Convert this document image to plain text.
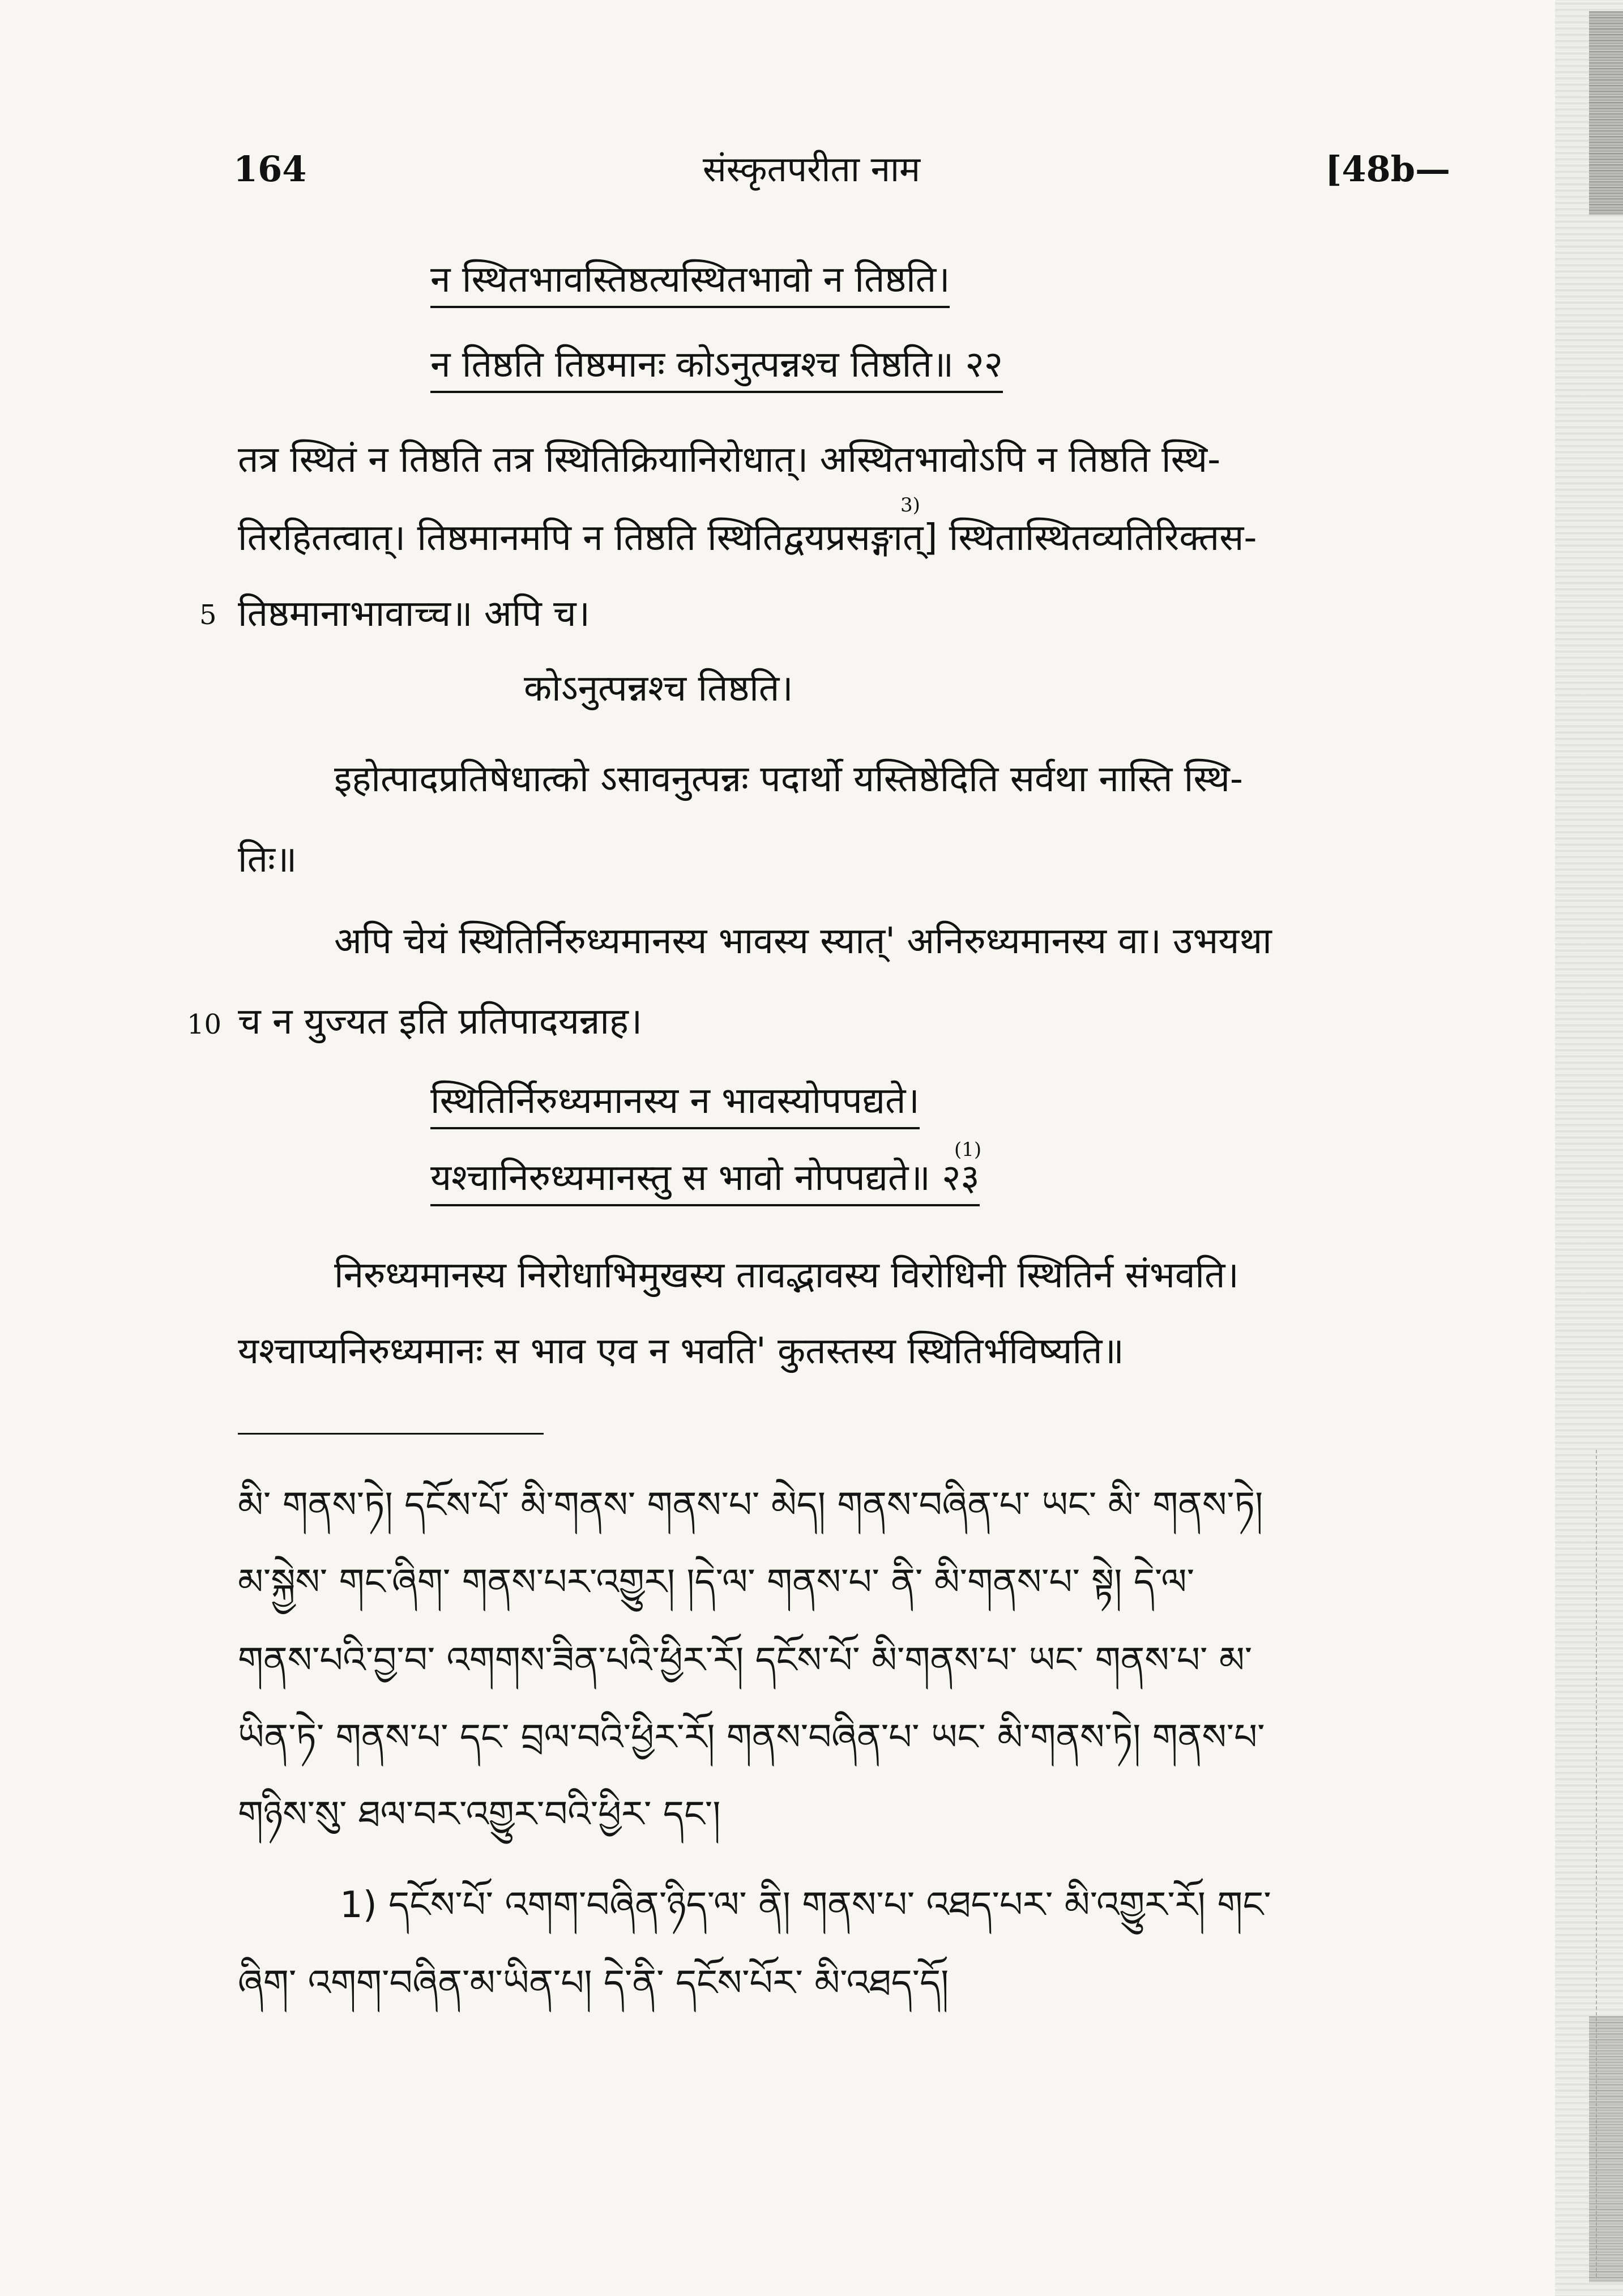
संस्कृतपरीता नाम
164	[48b—
न स्थितभावस्तिष्ठत्यस्थितभावो न तिष्ठति।
न तिष्ठति तिष्ठमानः कोऽनुत्पन्नश्च तिष्ठति॥ २२
तत्र स्थितं न तिष्ठति तत्र स्थितिक्रियानिरोधात्। अस्थितभावोऽपि न तिष्ठति स्थि-
3)
तिरहितत्वात्। तिष्ठमानमपि न तिष्ठति स्थितिद्वयप्रसङ्गात्] स्थितास्थितव्यतिरिक्तस-
5 तिष्ठमानाभावाच्च॥ अपि च।
कोऽनुत्पन्नश्च तिष्ठति।
इहोत्पादप्रतिषेधात्को ऽसावनुत्पन्नः पदार्थो यस्तिष्ठेदिति सर्वथा नास्ति स्थि-
तिः॥
अपि चेयं स्थितिर्निरुध्यमानस्य भावस्य स्यात्' अनिरुध्यमानस्य वा। उभयथा
10 च न युज्यत इति प्रतिपादयन्नाह।
स्थितिर्निरुध्यमानस्य न भावस्योपपद्यते।
(1)
यश्चानिरुध्यमानस्तु स भावो नोपपद्यते॥ २३
निरुध्यमानस्य निरोधाभिमुखस्य तावद्भावस्य विरोधिनी स्थितिर्न संभवति।
यश्चाप्यनिरुध्यमानः स भाव एव न भवति' कुतस्तस्य स्थितिर्भविष्यति॥
མི་ གནས་ཏེ། དངོས་པོ་ མི་གནས་ གནས་པ་ མེད། གནས་བཞིན་པ་ ཡང་ མི་ གནས་ཏེ།
མ་སྐྱེས་ གང་ཞིག་ གནས་པར་འགྱུར། །དེ་ལ་ གནས་པ་ ནི་ མི་གནས་པ་ སྟེ། དེ་ལ་
གནས་པའི་བྱ་བ་ འགགས་ཟིན་པའི་ཕྱིར་རོ། དངོས་པོ་ མི་གནས་པ་ ཡང་ གནས་པ་ མ་
ཡིན་ཏེ་ གནས་པ་ དང་ བྲལ་བའི་ཕྱིར་རོ། གནས་བཞིན་པ་ ཡང་ མི་གནས་ཏེ། གནས་པ་
གཉིས་སུ་ ཐལ་བར་འགྱུར་བའི་ཕྱིར་ དང་།
1) དངོས་པོ་ འགག་བཞིན་ཉིད་ལ་ ནི། གནས་པ་ འཐད་པར་ མི་འགྱུར་རོ། གང་
ཞིག་ འགག་བཞིན་མ་ཡིན་པ། དེ་ནི་ དངོས་པོར་ མི་འཐད་དོ།
